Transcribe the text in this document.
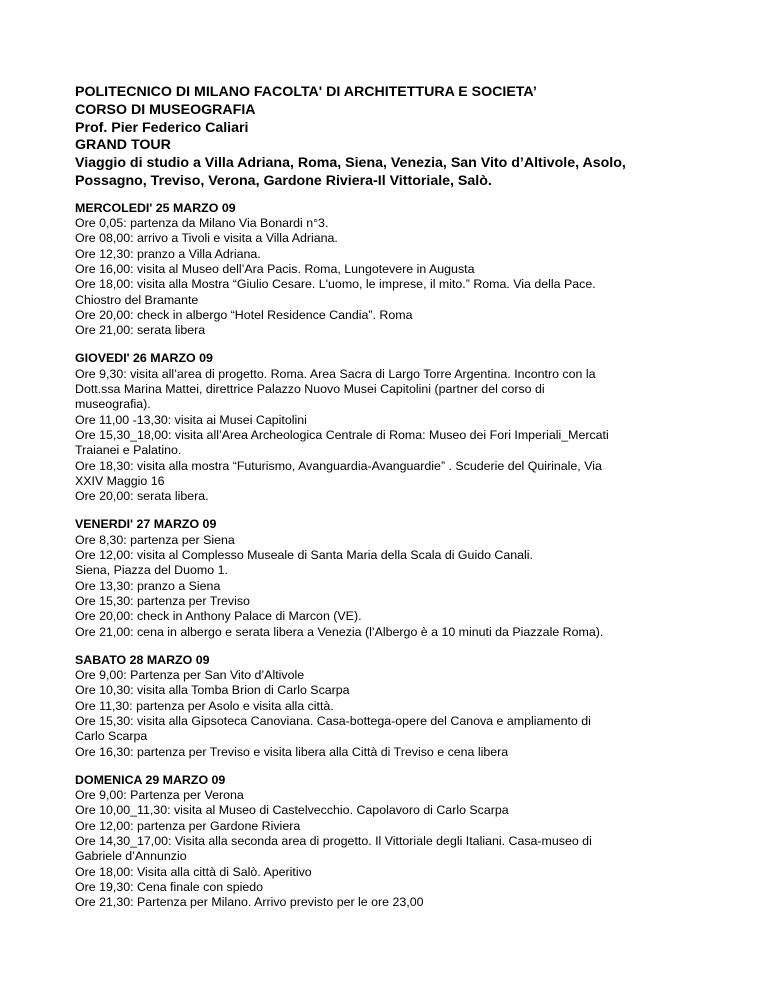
POLITECNICO DI MILANO FACOLTA' DI ARCHITETTURA E SOCIETA’
CORSO DI MUSEOGRAFIA
Prof. Pier Federico Caliari
GRAND TOUR
Viaggio di studio a Villa Adriana, Roma, Siena, Venezia, San Vito d’Altivole, Asolo,
Possagno, Treviso, Verona, Gardone Riviera-Il Vittoriale, Salò.
MERCOLEDI' 25 MARZO 09
Ore 0,05: partenza da Milano Via Bonardi n°3.
Ore 08,00: arrivo a Tivoli e visita a Villa Adriana.
Ore 12,30: pranzo a Villa Adriana.
Ore 16,00: visita al Museo dell’Ara Pacis. Roma, Lungotevere in Augusta
Ore 18,00: visita alla Mostra “Giulio Cesare. L'uomo, le imprese, il mito.” Roma. Via della Pace.
Chiostro del Bramante
Ore 20,00: check in albergo “Hotel Residence Candia”. Roma
Ore 21,00: serata libera
GIOVEDI' 26 MARZO 09
Ore 9,30: visita all’area di progetto. Roma. Area Sacra di Largo Torre Argentina. Incontro con la
Dott.ssa Marina Mattei, direttrice Palazzo Nuovo Musei Capitolini (partner del corso di
museografia).
Ore 11,00 -13,30: visita ai Musei Capitolini
Ore 15,30_18,00: visita all’Area Archeologica Centrale di Roma: Museo dei Fori Imperiali_Mercati
Traianei e Palatino.
Ore 18,30: visita alla mostra “Futurismo, Avanguardia-Avanguardie” . Scuderie del Quirinale, Via
XXIV Maggio 16
Ore 20,00: serata libera.
VENERDI' 27 MARZO 09
Ore 8,30: partenza per Siena
Ore 12,00: visita al Complesso Museale di Santa Maria della Scala di Guido Canali.
Siena, Piazza del Duomo 1.
Ore 13,30: pranzo a Siena
Ore 15,30: partenza per Treviso
Ore 20,00: check in Anthony Palace di Marcon (VE).
Ore 21,00: cena in albergo e serata libera a Venezia (l’Albergo è a 10 minuti da Piazzale Roma).
SABATO 28 MARZO 09
Ore 9,00: Partenza per San Vito d’Altivole
Ore 10,30: visita alla Tomba Brion di Carlo Scarpa
Ore 11,30: partenza per Asolo e visita alla città.
Ore 15,30: visita alla Gipsoteca Canoviana. Casa-bottega-opere del Canova e ampliamento di
Carlo Scarpa
Ore 16,30: partenza per Treviso e visita libera alla Città di Treviso e cena libera
DOMENICA 29 MARZO 09
Ore 9,00: Partenza per Verona
Ore 10,00_11,30: visita al Museo di Castelvecchio. Capolavoro di Carlo Scarpa
Ore 12,00: partenza per Gardone Riviera
Ore 14,30_17,00: Visita alla seconda area di progetto. Il Vittoriale degli Italiani. Casa-museo di
Gabriele d’Annunzio
Ore 18,00: Visita alla città di Salò. Aperitivo
Ore 19,30: Cena finale con spiedo
Ore 21,30: Partenza per Milano. Arrivo previsto per le ore 23,00
